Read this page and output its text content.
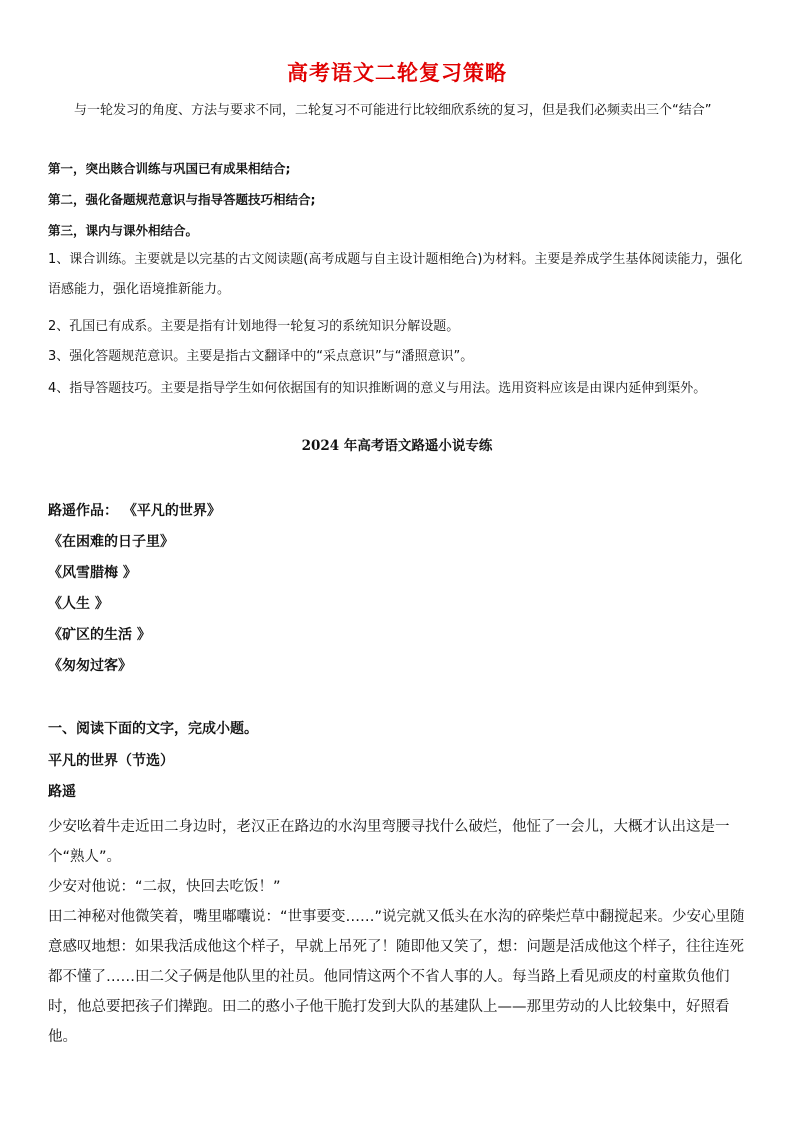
高考语文二轮复习策略

与一轮发习的角度、方法与要求不同，二轮复习不可能进行比较细欣系统的复习，但是我们必频卖出三个“结合”

第一，突出賅合训练与巩国已有成果相结合;
第二，强化备题规范意识与指导答题技巧相结合;
第三，课内与课外相结合。

1、课合训练。主要就是以完基的古文阅读题(高考成题与自主设计题相绝合)为材料。主要是养成学生基体阅读能力，强化语感能力，强化语境推新能力。

2、孔国已有成系。主要是指有计划地得一轮复习的系统知识分解设题。
3、强化答题规范意识。主要是指古文翻译中的“采点意识”与“潘照意识”。
4、指导答题技巧。主要是指导学生如何依据国有的知识推断调的意义与用法。选用资料应该是由课内延伸到渠外。
2024 年高考语文路遥小说专练
路遥作品： 《平凡的世界》
《在困难的日子里》
《风雪腊梅 》
《人生 》
《矿区的生活 》
《匆匆过客》
一、阅读下面的文字，完成小题。
平凡的世界（节选）
路遥

少安吆着牛走近田二身边时，老汉正在路边的水沟里弯腰寻找什么破烂，他怔了一会儿，大概才认出这是一个“熟人”。

少安对他说：“二叔，快回去吃饭！”

田二神秘对他微笑着，嘴里嘟囔说：“世事要变……”说完就又低头在水沟的碎柴烂草中翻搅起来。少安心里随意感叹地想：如果我活成他这个样子，早就上吊死了！随即他又笑了，想：问题是活成他这个样子，往往连死都不懂了……田二父子俩是他队里的社员。他同情这两个不省人事的人。每当路上看见顽皮的村童欺负他们时，他总要把孩子们撵跑。田二的憨小子他干脆打发到大队的基建队上——那里劳动的人比较集中，好照看他。
